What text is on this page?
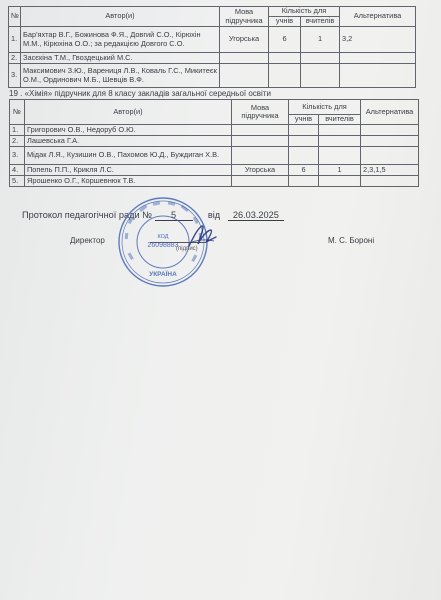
№	Автор(и)	Мова підручника	Кількість для		Альтернатива
			учнів	вчителів	
1.	Бар'яхтар В.Г., Божинова Ф.Я., Довгий С.О., Кірюхін М.М., Кірюхіна О.О.; за редакцією Довгого С.О.	Угорська	6	1	3,2
2.	Засєкіна Т.М., Гвоздецький М.С.				
3.	Максимович З.Ю., Варениця Л.В., Коваль Г.С., Микитеєк О.М., Ординович М.Б., Шевців В.Ф.				
19 . «Хімія» підручник для 8 класу закладів загальної середньої освіти
№	Автор(и)	Мова підручника	Кількість для		Альтернатива
			учнів	вчителів	
1.	Григорович О.В., Недоруб О.Ю.				
2.	Лашевська Г.А.				
3.	Мідак Л.Я., Кузишин О.В., Пахомов Ю.Д., Буждиган Х.В.				
4.	Попель П.П., Крикля Л.С.	Угорська	6	1	2,3,1,5
5.	Ярошенко О.Г., Коршевнюк Т.В.				
Протокол педагогічної ради № 5	від 26.03.2025
Директор
(підпис)
М. С. Бороні
КОД
26098883
УКРАЇНА
